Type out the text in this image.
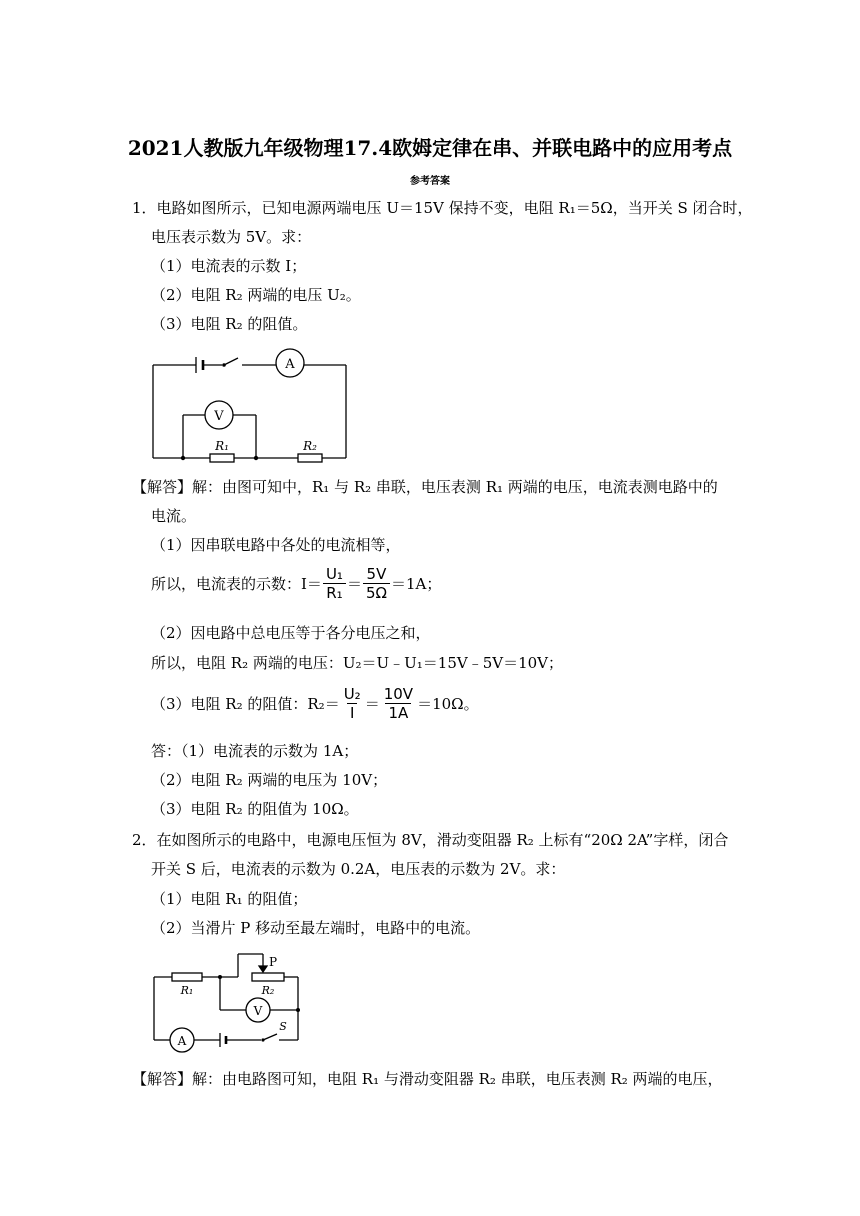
2021人教版九年级物理17.4欧姆定律在串、并联电路中的应用考点
参考答案
1．电路如图所示，已知电源两端电压 U＝15V 保持不变，电阻 R₁＝5Ω，当开关 S 闭合时，
电压表示数为 5V。求：
（1）电流表的示数 I；
（2）电阻 R₂ 两端的电压 U₂。
（3）电阻 R₂ 的阻值。
A
V
R₁	R₂
【解答】解：由图可知中，R₁ 与 R₂ 串联，电压表测 R₁ 两端的电压，电流表测电路中的
电流。
（1）因串联电路中各处的电流相等，
所以，电流表的示数：$I= \frac{\text{U₁}}{\text{R₁}} = \frac{5V}{5\Omega} =1A$；
（2）因电路中总电压等于各分电压之和，
所以，电阻 R₂ 两端的电压：U₂＝U﹣U₁＝15V﹣5V＝10V；
（3）电阻 R₂ 的阻值：$R_2= \frac{\text{U₂}}{I} = \frac{10V}{1A} =10\Omega$。
答：（1）电流表的示数为 1A；
（2）电阻 R₂ 两端的电压为 10V；
（3）电阻 R₂ 的阻值为 10Ω。
2．在如图所示的电路中，电源电压恒为 8V，滑动变阻器 R₂ 上标有“20Ω 2A”字样，闭合
开关 S 后，电流表的示数为 0.2A，电压表的示数为 2V。求：
（1）电阻 R₁ 的阻值；
（2）当滑片 P 移动至最左端时，电路中的电流。
R₁	R₂
P
V
A
S
【解答】解：由电路图可知，电阻 R₁ 与滑动变阻器 R₂ 串联，电压表测 R₂ 两端的电压，
